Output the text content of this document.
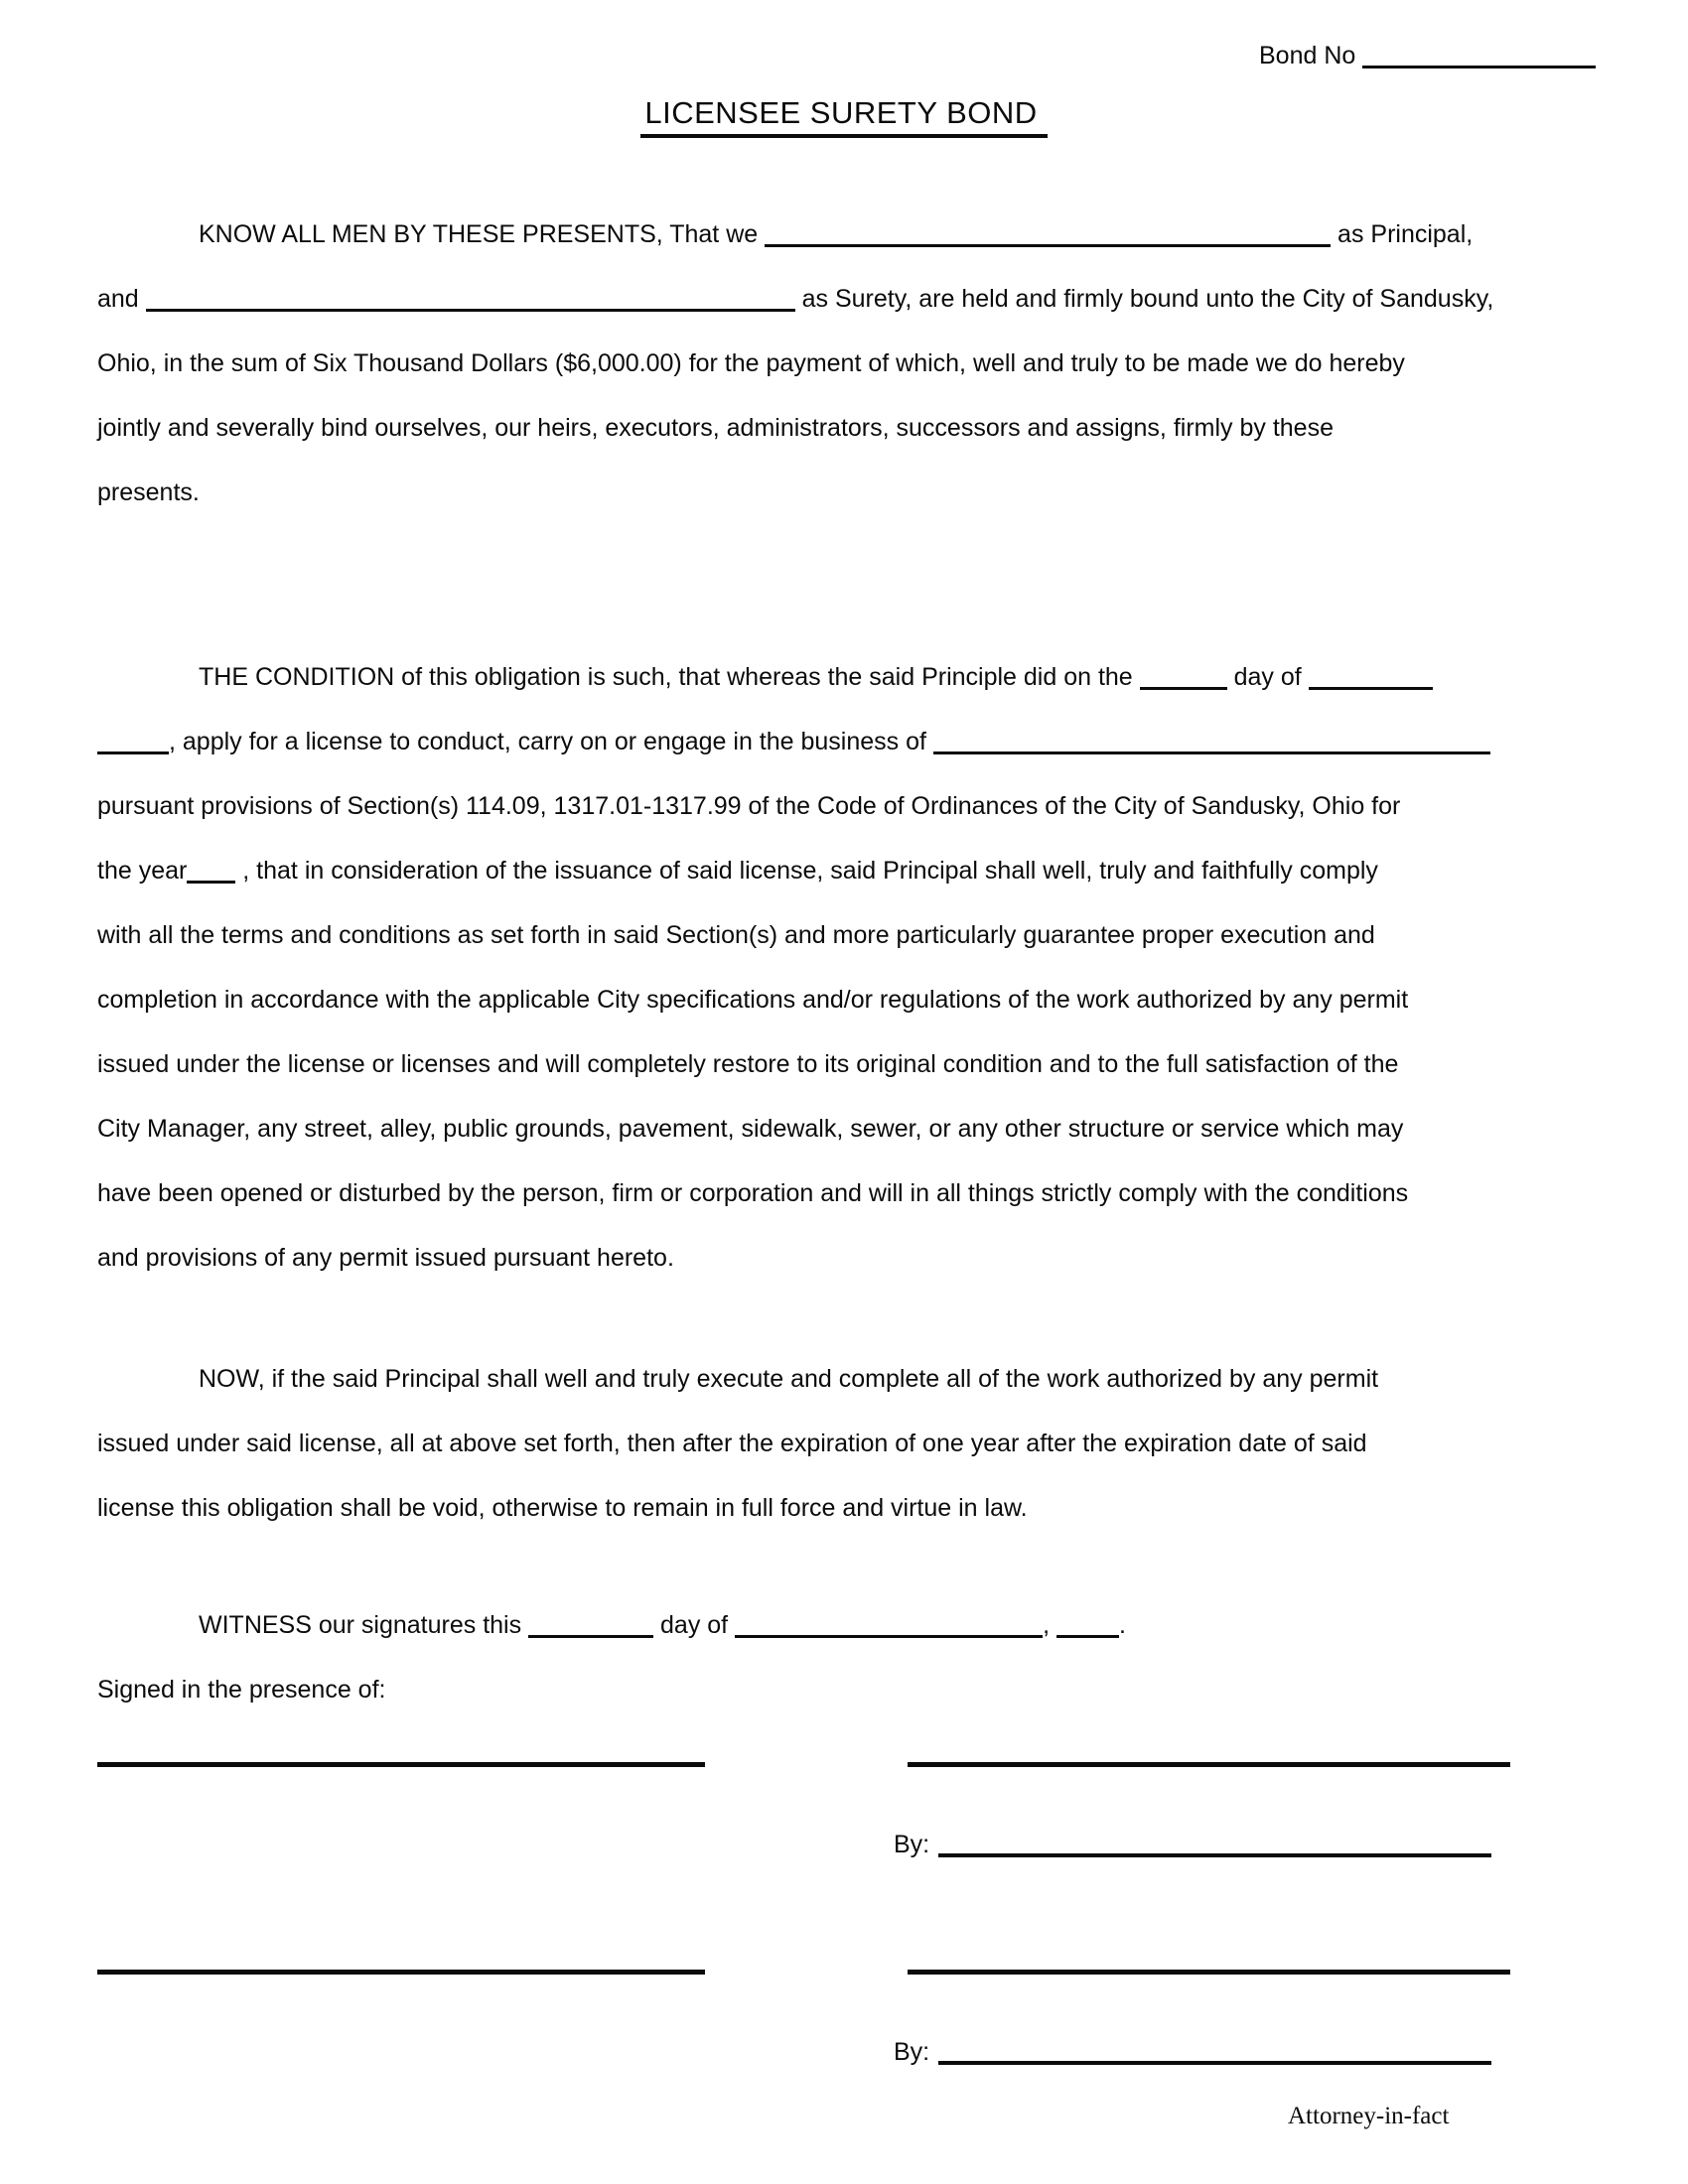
Bond No
LICENSEE SURETY BOND
KNOW ALL MEN BY THESE PRESENTS, That we	as Principal,
and	as Surety, are held and firmly bound unto the City of Sandusky,
Ohio, in the sum of Six Thousand Dollars ($6,000.00) for the payment of which, well and truly to be made we do hereby
jointly and severally bind ourselves, our heirs, executors, administrators, successors and assigns, firmly by these
presents.
THE CONDITION of this obligation is such, that whereas the said Principle did on the	day of
, apply for a license to conduct, carry on or engage in the business of
pursuant provisions of Section(s) 114.09, 1317.01-1317.99 of the Code of Ordinances of the City of Sandusky, Ohio for
the year , that in consideration of the issuance of said license, said Principal shall well, truly and faithfully comply
with all the terms and conditions as set forth in said Section(s) and more particularly guarantee proper execution and
completion in accordance with the applicable City specifications and/or regulations of the work authorized by any permit
issued under the license or licenses and will completely restore to its original condition and to the full satisfaction of the
City Manager, any street, alley, public grounds, pavement, sidewalk, sewer, or any other structure or service which may
have been opened or disturbed by the person, firm or corporation and will in all things strictly comply with the conditions
and provisions of any permit issued pursuant hereto.
NOW, if the said Principal shall well and truly execute and complete all of the work authorized by any permit
issued under said license, all at above set forth, then after the expiration of one year after the expiration date of said
license this obligation shall be void, otherwise to remain in full force and virtue in law.
WITNESS our signatures this	day of	,	.
Signed in the presence of:
By:
By:
Attorney-in-fact
